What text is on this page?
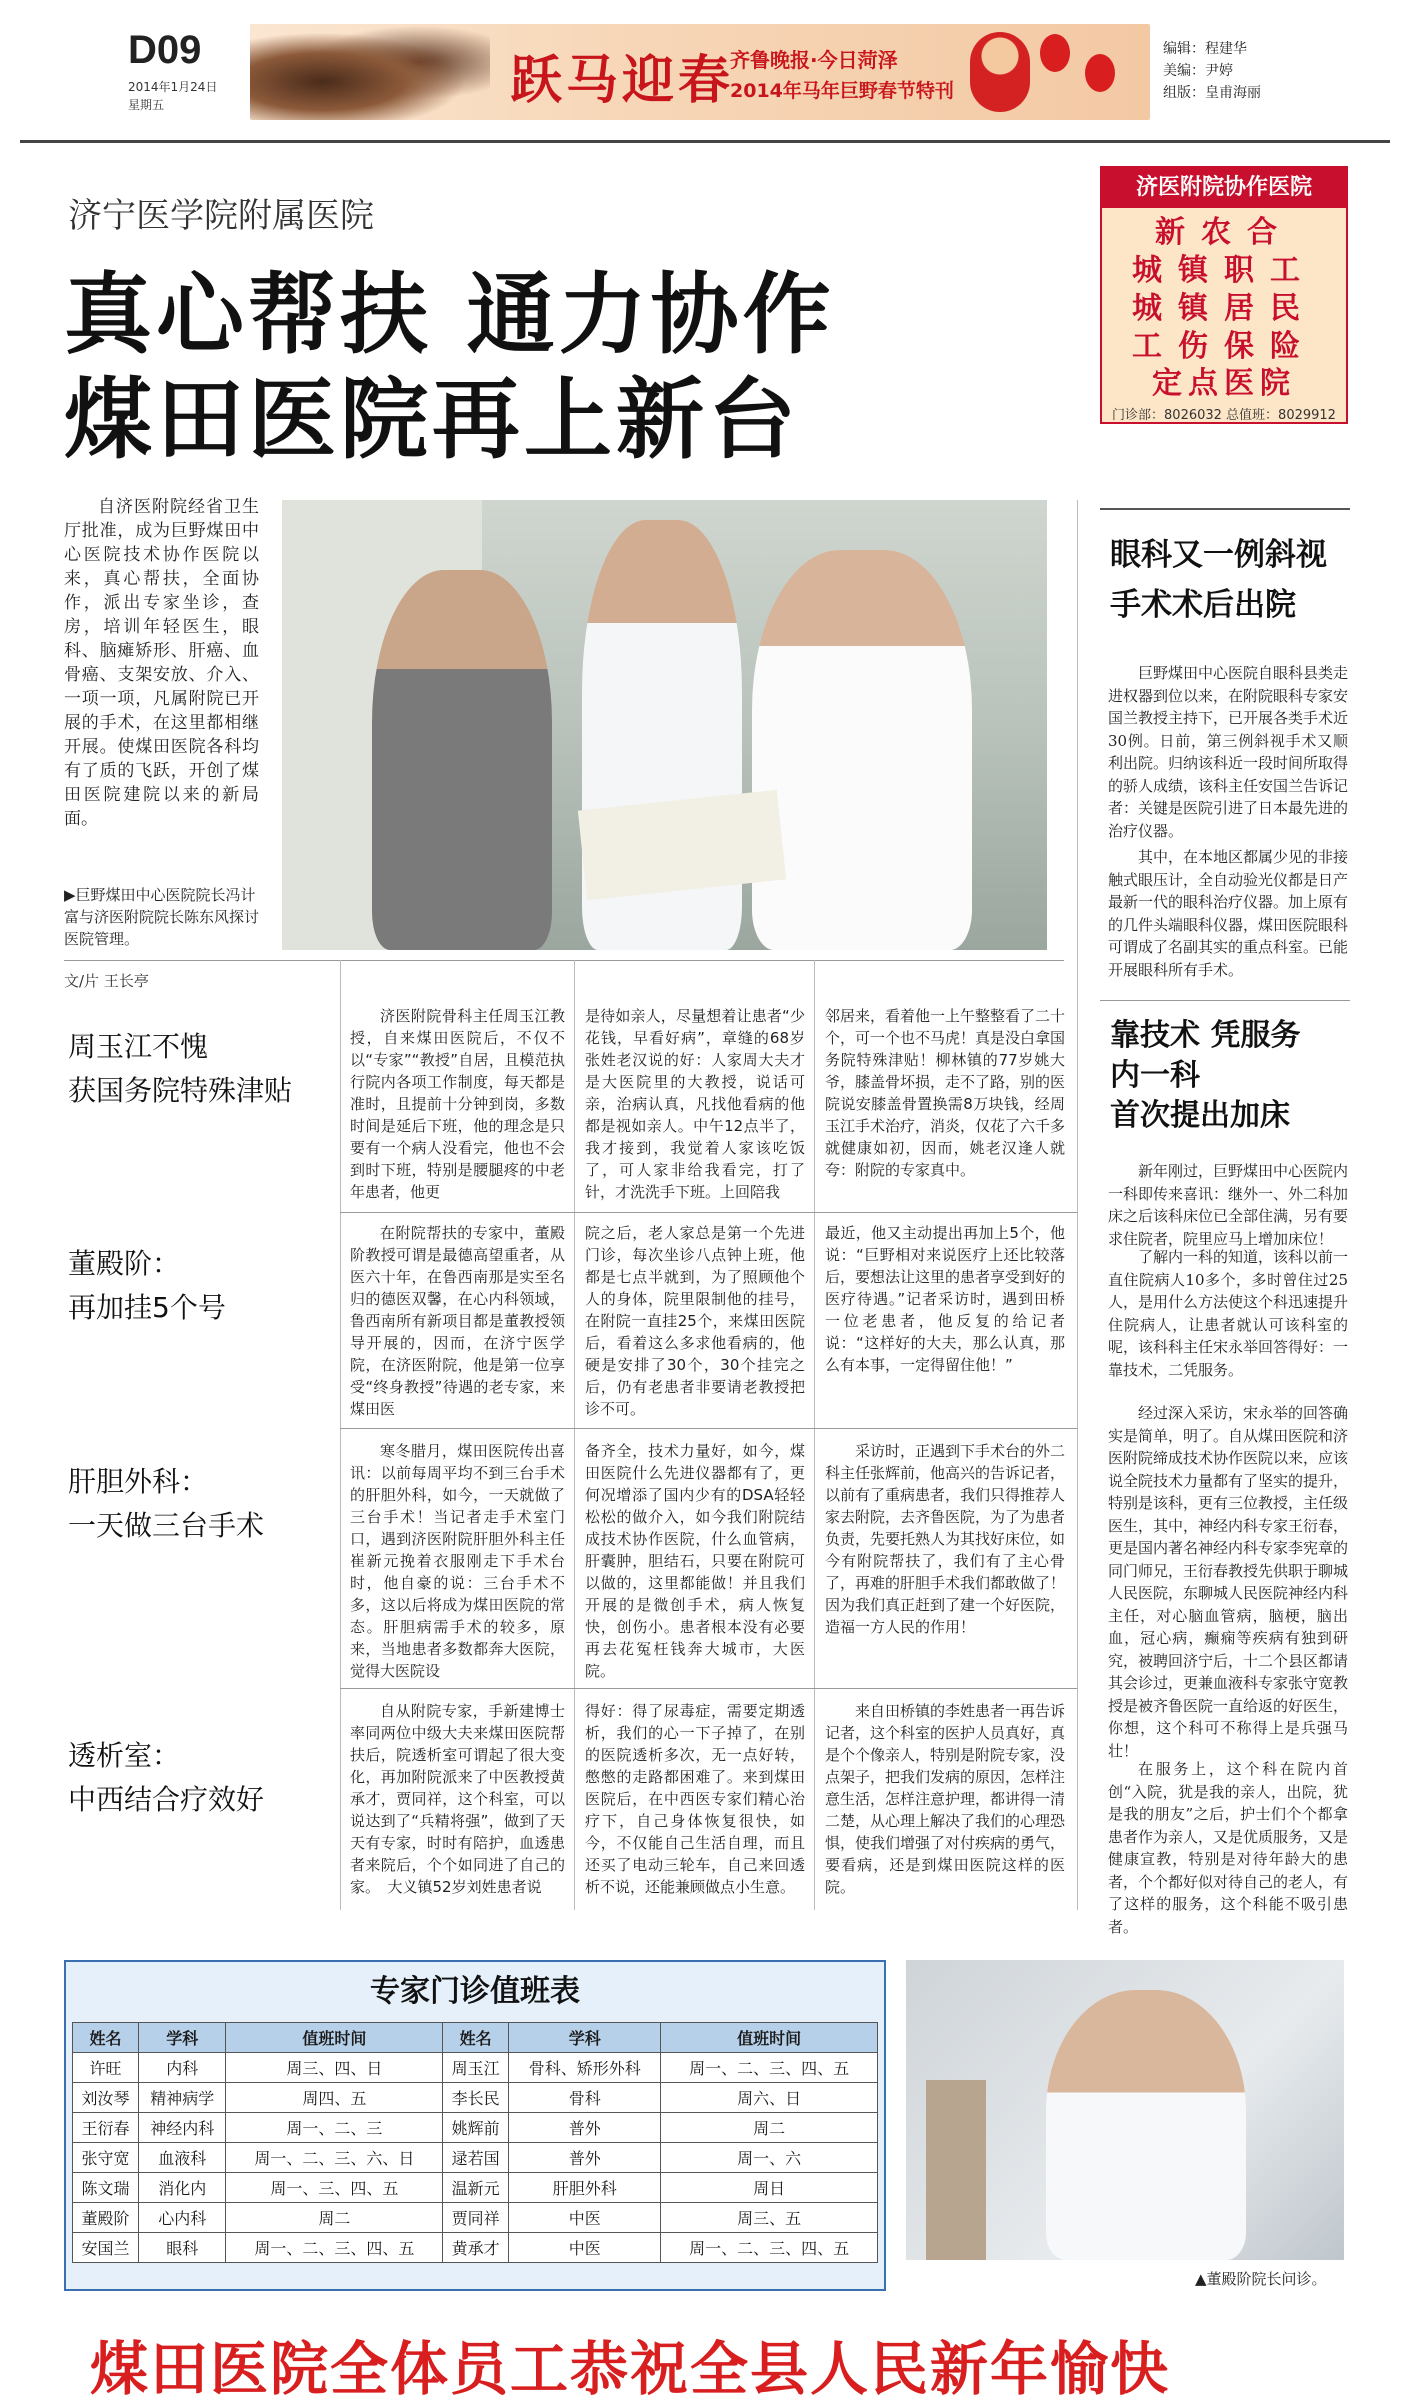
D09
2014年1月24日
星期五	跃马迎春
齐鲁晚报·今日菏泽
2014年马年巨野春节特刊
编辑：程建华
美编：尹婷
组版：皇甫海丽
济宁医学院附属医院
真心帮扶 通力协作
煤田医院再上新台
济医附院协作医院
新农合
城镇职工
城镇居民
工伤保险
定点医院
门诊部：8026032 总值班：8029912
自济医附院经省卫生厅批准，成为巨野煤田中心医院技术协作医院以来，真心帮扶，全面协作，派出专家坐诊，查房，培训年轻医生，眼科、脑瘫矫形、肝癌、血骨癌、支架安放、介入、一项一项，凡属附院已开展的手术，在这里都相继开展。使煤田医院各科均有了质的飞跃，开创了煤田医院建院以来的新局面。
▶巨野煤田中心医院院长冯计富与济医附院院长陈东风探讨医院管理。
文/片 王长亭
周玉江不愧
获国务院特殊津贴
济医附院骨科主任周玉江教授，自来煤田医院后，不仅不以“专家”“教授”自居，且模范执行院内各项工作制度，每天都是准时，且提前十分钟到岗，多数时间是延后下班，他的理念是只要有一个病人没看完，他也不会到时下班，特别是腰腿疼的中老年患者，他更
是待如亲人，尽量想着让患者“少花钱，早看好病”，章缝的68岁张姓老汉说的好：人家周大夫才是大医院里的大教授，说话可亲，治病认真，凡找他看病的他都是视如亲人。中午12点半了，我才接到，我觉着人家该吃饭了，可人家非给我看完，打了针，才洗洗手下班。上回陪我
邻居来，看着他一上午整整看了二十个，可一个也不马虎！真是没白拿国务院特殊津贴！柳林镇的77岁姚大爷，膝盖骨坏损，走不了路，别的医院说安膝盖骨置换需8万块钱，经周玉江手术治疗，消炎，仅花了六千多就健康如初，因而，姚老汉逢人就夸：附院的专家真中。
董殿阶：
再加挂5个号
在附院帮扶的专家中，董殿阶教授可谓是最德高望重者，从医六十年，在鲁西南那是实至名归的德医双馨，在心内科领域，鲁西南所有新项目都是董教授领导开展的，因而，在济宁医学院，在济医附院，他是第一位享受“终身教授”待遇的老专家，来煤田医
院之后，老人家总是第一个先进门诊，每次坐诊八点钟上班，他都是七点半就到，为了照顾他个人的身体，院里限制他的挂号，在附院一直挂25个，来煤田医院后，看着这么多求他看病的，他硬是安排了30个，30个挂完之后，仍有老患者非要请老教授把诊不可。
最近，他又主动提出再加上5个，他说：“巨野相对来说医疗上还比较落后，要想法让这里的患者享受到好的医疗待遇。”记者采访时，遇到田桥一位老患者，他反复的给记者说：“这样好的大夫，那么认真，那么有本事，一定得留住他！”
肝胆外科：
一天做三台手术
寒冬腊月，煤田医院传出喜讯：以前每周平均不到三台手术的肝胆外科，如今，一天就做了三台手术！当记者走手术室门口，遇到济医附院肝胆外科主任崔新元挽着衣服刚走下手术台时，他自豪的说：三台手术不多，这以后将成为煤田医院的常态。肝胆病需手术的较多，原来，当地患者多数都奔大医院，觉得大医院设
备齐全，技术力量好，如今，煤田医院什么先进仪器都有了，更何况增添了国内少有的DSA轻轻松松的做介入，如今我们附院结成技术协作医院，什么血管病，肝囊肿，胆结石，只要在附院可以做的，这里都能做！并且我们开展的是微创手术，病人恢复快，创伤小。患者根本没有必要再去花冤枉钱奔大城市，大医院。
采访时，正遇到下手术台的外二科主任张辉前，他高兴的告诉记者，以前有了重病患者，我们只得推荐人家去附院，去齐鲁医院，为了为患者负责，先要托熟人为其找好床位，如今有附院帮扶了，我们有了主心骨了，再难的肝胆手术我们都敢做了！因为我们真正赶到了建一个好医院，造福一方人民的作用！
透析室：
中西结合疗效好
自从附院专家，手新建博士率同两位中级大夫来煤田医院帮扶后，院透析室可谓起了很大变化，再加附院派来了中医教授黄承才，贾同祥，这个科室，可以说达到了“兵精将强”，做到了天天有专家，时时有陪护，血透患者来院后，个个如同进了自己的家。　大义镇52岁刘姓患者说
得好：得了尿毒症，需要定期透析，我们的心一下子掉了，在别的医院透析多次，无一点好转，憋憋的走路都困难了。来到煤田医院后，在中西医专家们精心治疗下，自己身体恢复很快，如今，不仅能自己生活自理，而且还买了电动三轮车，自己来回透析不说，还能兼顾做点小生意。
来自田桥镇的李姓患者一再告诉记者，这个科室的医护人员真好，真是个个像亲人，特别是附院专家，没点架子，把我们发病的原因，怎样注意生活，怎样注意护理，都讲得一清二楚，从心理上解决了我们的心理恐惧，使我们增强了对付疾病的勇气，要看病，还是到煤田医院这样的医院。
眼科又一例斜视
手术术后出院
巨野煤田中心医院自眼科县类走进权器到位以来，在附院眼科专家安国兰教授主持下，已开展各类手术近30例。日前，第三例斜视手术又顺利出院。归纳该科近一段时间所取得的骄人成绩，该科主任安国兰告诉记者：关键是医院引进了日本最先进的治疗仪器。
其中，在本地区都属少见的非接触式眼压计，全自动验光仪都是日产最新一代的眼科治疗仪器。加上原有的几件头端眼科仪器，煤田医院眼科可谓成了名副其实的重点科室。已能开展眼科所有手术。
靠技术 凭服务
内一科
首次提出加床
新年刚过，巨野煤田中心医院内一科即传来喜讯：继外一、外二科加床之后该科床位已全部住满，另有要求住院者，院里应马上增加床位！
了解内一科的知道，该科以前一直住院病人10多个，多时曾住过25人，是用什么方法使这个科迅速提升住院病人，让患者就认可该科室的呢，该科科主任宋永举回答得好：一靠技术，二凭服务。
经过深入采访，宋永举的回答确实是简单，明了。自从煤田医院和济医附院缔成技术协作医院以来，应该说全院技术力量都有了坚实的提升，特别是该科，更有三位教授，主任级医生，其中，神经内科专家王衍春，更是国内著名神经内科专家李宪章的同门师兄，王衍春教授先供职于聊城人民医院，东聊城人民医院神经内科主任，对心脑血管病，脑梗，脑出血，冠心病，癫痫等疾病有独到研究，被聘回济宁后，十二个县区都请其会诊过，更兼血液科专家张守宽教授是被齐鲁医院一直给返的好医生，你想，这个科可不称得上是兵强马壮！
在服务上，这个科在院内首创“入院，犹是我的亲人，出院，犹是我的朋友”之后，护士们个个都拿患者作为亲人，又是优质服务，又是健康宣教，特别是对待年龄大的患者，个个都好似对待自己的老人，有了这样的服务，这个科能不吸引患者。
专家门诊值班表
姓名	学科	值班时间	姓名	学科	值班时间
许旺	内科	周三、四、日	周玉江	骨科、矫形外科	周一、二、三、四、五
刘汝琴	精神病学	周四、五	李长民	骨科	周六、日
王衍春	神经内科	周一、二、三	姚辉前	普外	周二
张守宽	血液科	周一、二、三、六、日	逯若国	普外	周一、六
陈文瑞	消化内	周一、三、四、五	温新元	肝胆外科	周日
董殿阶	心内科	周二	贾同祥	中医	周三、五
安国兰	眼科	周一、二、三、四、五	黄承才	中医	周一、二、三、四、五
▲董殿阶院长问诊。
煤田医院全体员工恭祝全县人民新年愉快
